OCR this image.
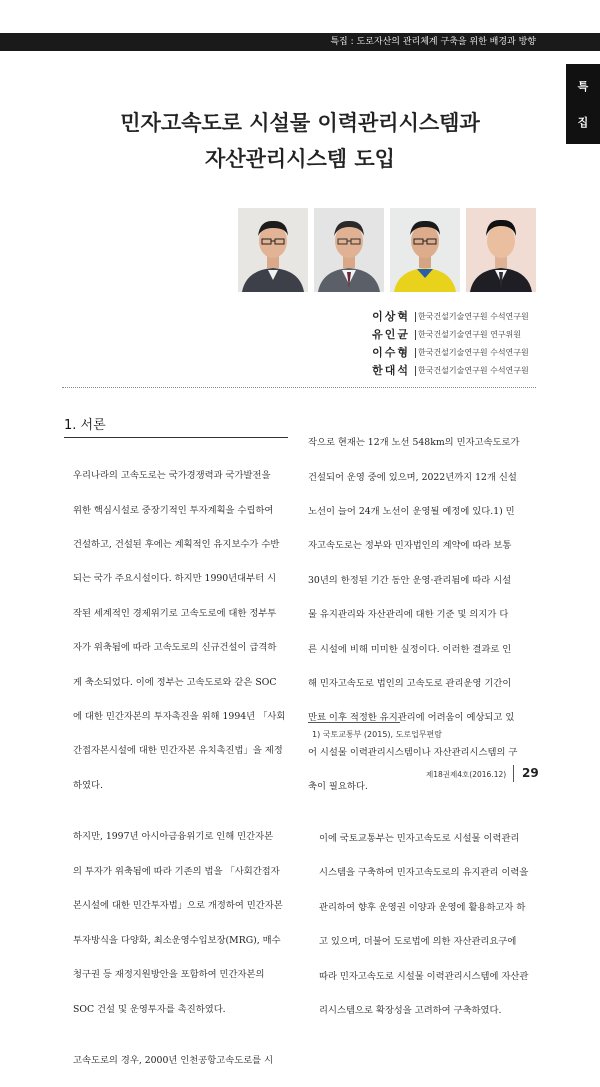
특집 : 도로자산의 관리체계 구축을 위한 배경과 방향
특
집
민자고속도로 시설물 이력관리시스템과
자산관리시스템 도입
이상혁 한국건설기술연구원 수석연구원
유인균 한국건설기술연구원 연구위원
이수형 한국건설기술연구원 수석연구원
한대석 한국건설기술연구원 수석연구원
1. 서론

우리나라의 고속도로는 국가경쟁력과 국가발전을

위한 핵심시설로 중장기적인 투자계획을 수립하여

건설하고, 건설된 후에는 계획적인 유지보수가 수반

되는 국가 주요시설이다. 하지만 1990년대부터 시

작된 세계적인 경제위기로 고속도로에 대한 정부투

자가 위축됨에 따라 고속도로의 신규건설이 급격하

게 축소되었다. 이에 정부는 고속도로와 같은 SOC

에 대한 민간자본의 투자촉진을 위해 1994년 「사회

간접자본시설에 대한 민간자본 유치촉진법」을 제정

하였다.

하지만, 1997년 아시아금융위기로 인해 민간자본

의 투자가 위축됨에 따라 기존의 법을 「사회간접자

본시설에 대한 민간투자법」으로 개정하여 민간자본

투자방식을 다양화, 최소운영수입보장(MRG), 매수

청구권 등 재정지원방안을 포함하여 민간자본의

SOC 건설 및 운영투자를 촉진하였다.

고속도로의 경우, 2000년 인천공항고속도로를 시

작으로 현재는 12개 노선 548km의 민자고속도로가

건설되어 운영 중에 있으며, 2022년까지 12개 신설

노선이 늘어 24개 노선이 운영될 예정에 있다.1) 민

자고속도로는 정부와 민자법인의 계약에 따라 보통

30년의 한정된 기간 동안 운영·관리됨에 따라 시설

물 유지관리와 자산관리에 대한 기준 및 의지가 다

른 시설에 비해 미미한 실정이다. 이러한 결과로 인

해 민자고속도로 법인의 고속도로 관리운영 기간이

만료 이후 적정한 유지관리에 어려움이 예상되고 있

어 시설물 이력관리시스템이나 자산관리시스템의 구

축이 필요하다.

이에 국토교통부는 민자고속도로 시설물 이력관리

시스템을 구축하여 민자고속도로의 유지관리 이력을

관리하여 향후 운영권 이양과 운영에 활용하고자 하

고 있으며, 더불어 도로법에 의한 자산관리요구에

따라 민자고속도로 시설물 이력관리시스템에 자산관

리시스템으로 확장성을 고려하여 구축하였다.

1) 국토교통부 (2015), 도로업무편람
제18권제4호(2016.12) 29
